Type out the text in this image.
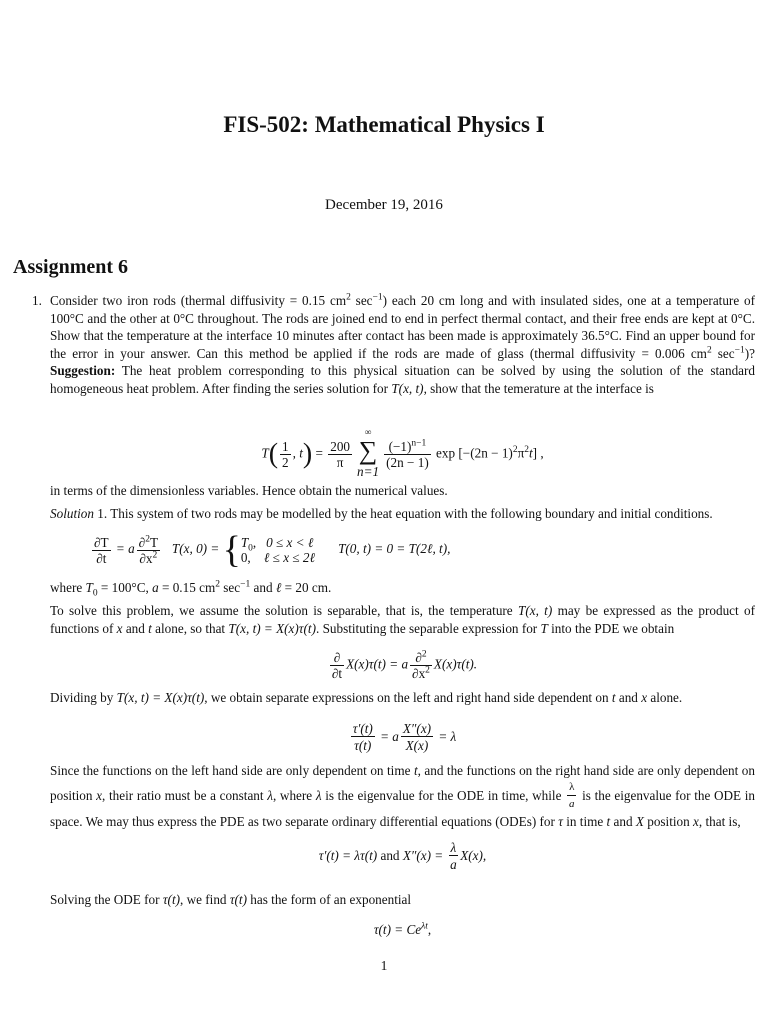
FIS-502: Mathematical Physics I
December 19, 2016
Assignment 6
1. Consider two iron rods (thermal diffusivity = 0.15 $cm^2$ $\sec^{-1}$) each 20 cm long and with insulated sides, one at a temperature of 100°C and the other at 0°C throughout. The rods are joined end to end in perfect thermal contact, and their free ends are kept at 0°C. Show that the temperature at the interface 10 minutes after contact has been made is approximately 36.5°C. Find an upper bound for the error in your answer. Can this method be applied if the rods are made of glass (thermal diffusivity = 0.006 $cm^2$ $\sec^{-1}$)? Suggestion: The heat problem corresponding to this physical situation can be solved by using the solution of the standard homogeneous heat problem. After finding the series solution for T(x, t), show that the temerature at the interface is
$T( \frac{1}{2}$ , $t) = \frac{200}{\pi}$
∞
∑
n=1
$\frac{(-1)^{n-1}}{(2n - 1)}$ $\exp [-(2n - 1)^2\pi^2t]$ ,
in terms of the dimensionless variables. Hence obtain the numerical values.
Solution 1. This system of two rods may be modelled by the heat equation with the following boundary and initial conditions.
$\frac{\partial T}{\partial t} = a \frac{\partial^2T}{\partial x^2} T(x$, 0) = { $T_0$,   0 ≤ x < ℓ
0, ℓ ≤ x ≤ 2ℓ
T(0, t) = 0 = T(2ℓ, t),
where $T_0 = 100^\circ C$, a = 0.15 $cm^2$ $\sec^{-1}$ and ℓ = 20 cm.
To solve this problem, we assume the solution is separable, that is, the temperature T(x, t) may be expressed as the product of functions of x and t alone, so that T(x, t) = X(x)τ(t). Substituting the separable expression for T into the PDE we obtain
$\frac{\partial}{\partial t} X(x)\tau(t) = a \frac{\partial^2}{\partial x^2} X(x)\tau(t)$.
Dividing by T(x, t) = X(x)τ(t), we obtain separate expressions on the left and right hand side dependent on t and x alone.
$\frac{\tau'(t)}{\tau(t)} = a \frac{X''(x)}{X(x)} = \lambda$
Since the functions on the left hand side are only dependent on time t, and the functions on the right hand side are only dependent on position x, their ratio must be a constant λ, where λ is the eigenvalue for the ODE in time, while $\frac{\lambda}{a}$ is the eigenvalue for the ODE in space. We may thus express the PDE as two separate ordinary differential equations (ODEs) for τ in time t and X position x, that is,
τ′(t) = λτ(t) and $X''(x) = \frac{\lambda}{a} X(x)$,
Solving the ODE for τ(t), we find τ(t) has the form of an exponential
$\tau(t) = Ce^{\lambda t}$,
1
